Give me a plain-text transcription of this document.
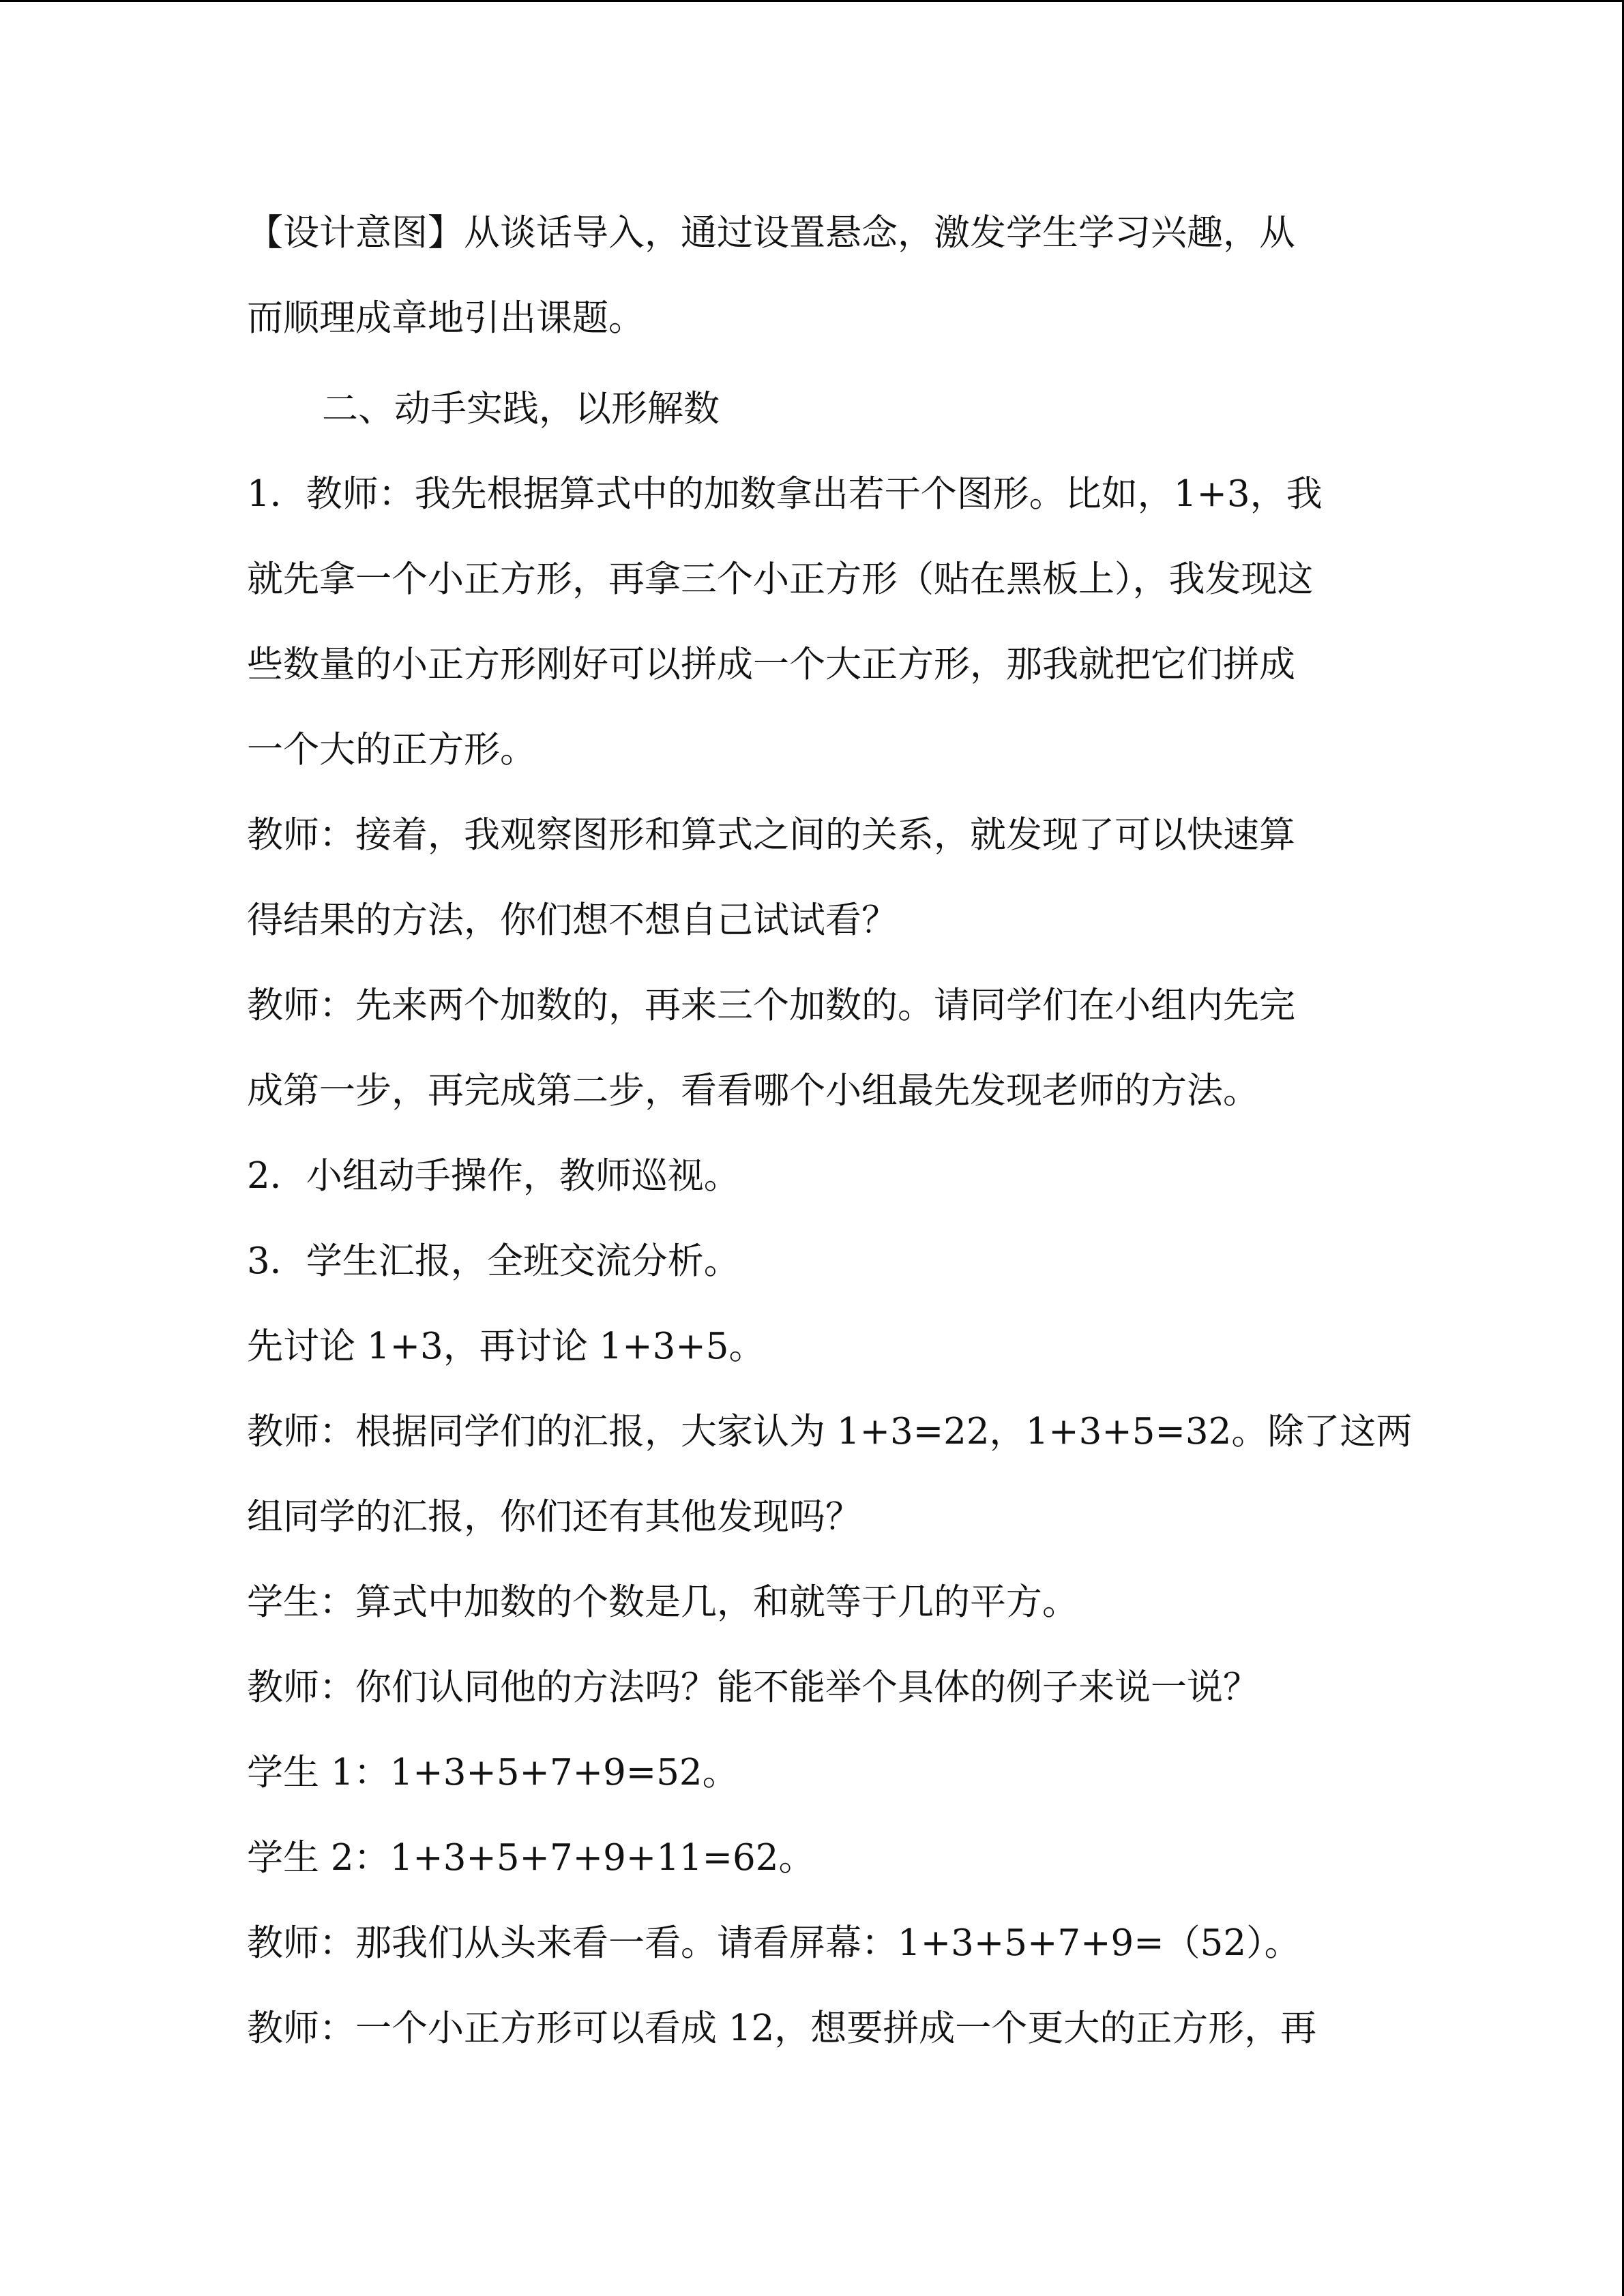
【设计意图】从谈话导入，通过设置悬念，激发学生学习兴趣，从
而顺理成章地引出课题。
二、动手实践，以形解数
1．教师：我先根据算式中的加数拿出若干个图形。比如，1+3，我
就先拿一个小正方形，再拿三个小正方形（贴在黑板上），我发现这
些数量的小正方形刚好可以拼成一个大正方形，那我就把它们拼成
一个大的正方形。
教师：接着，我观察图形和算式之间的关系，就发现了可以快速算
得结果的方法，你们想不想自己试试看？
教师：先来两个加数的，再来三个加数的。请同学们在小组内先完
成第一步，再完成第二步，看看哪个小组最先发现老师的方法。
2．小组动手操作，教师巡视。
3．学生汇报，全班交流分析。
先讨论 1+3，再讨论 1+3+5。
教师：根据同学们的汇报，大家认为 1+3=22，1+3+5=32。除了这两
组同学的汇报，你们还有其他发现吗？
学生：算式中加数的个数是几，和就等于几的平方。
教师：你们认同他的方法吗？能不能举个具体的例子来说一说？
学生 1：1+3+5+7+9=52。
学生 2：1+3+5+7+9+11=62。
教师：那我们从头来看一看。请看屏幕：1+3+5+7+9=（52）。
教师：一个小正方形可以看成 12，想要拼成一个更大的正方形，再
